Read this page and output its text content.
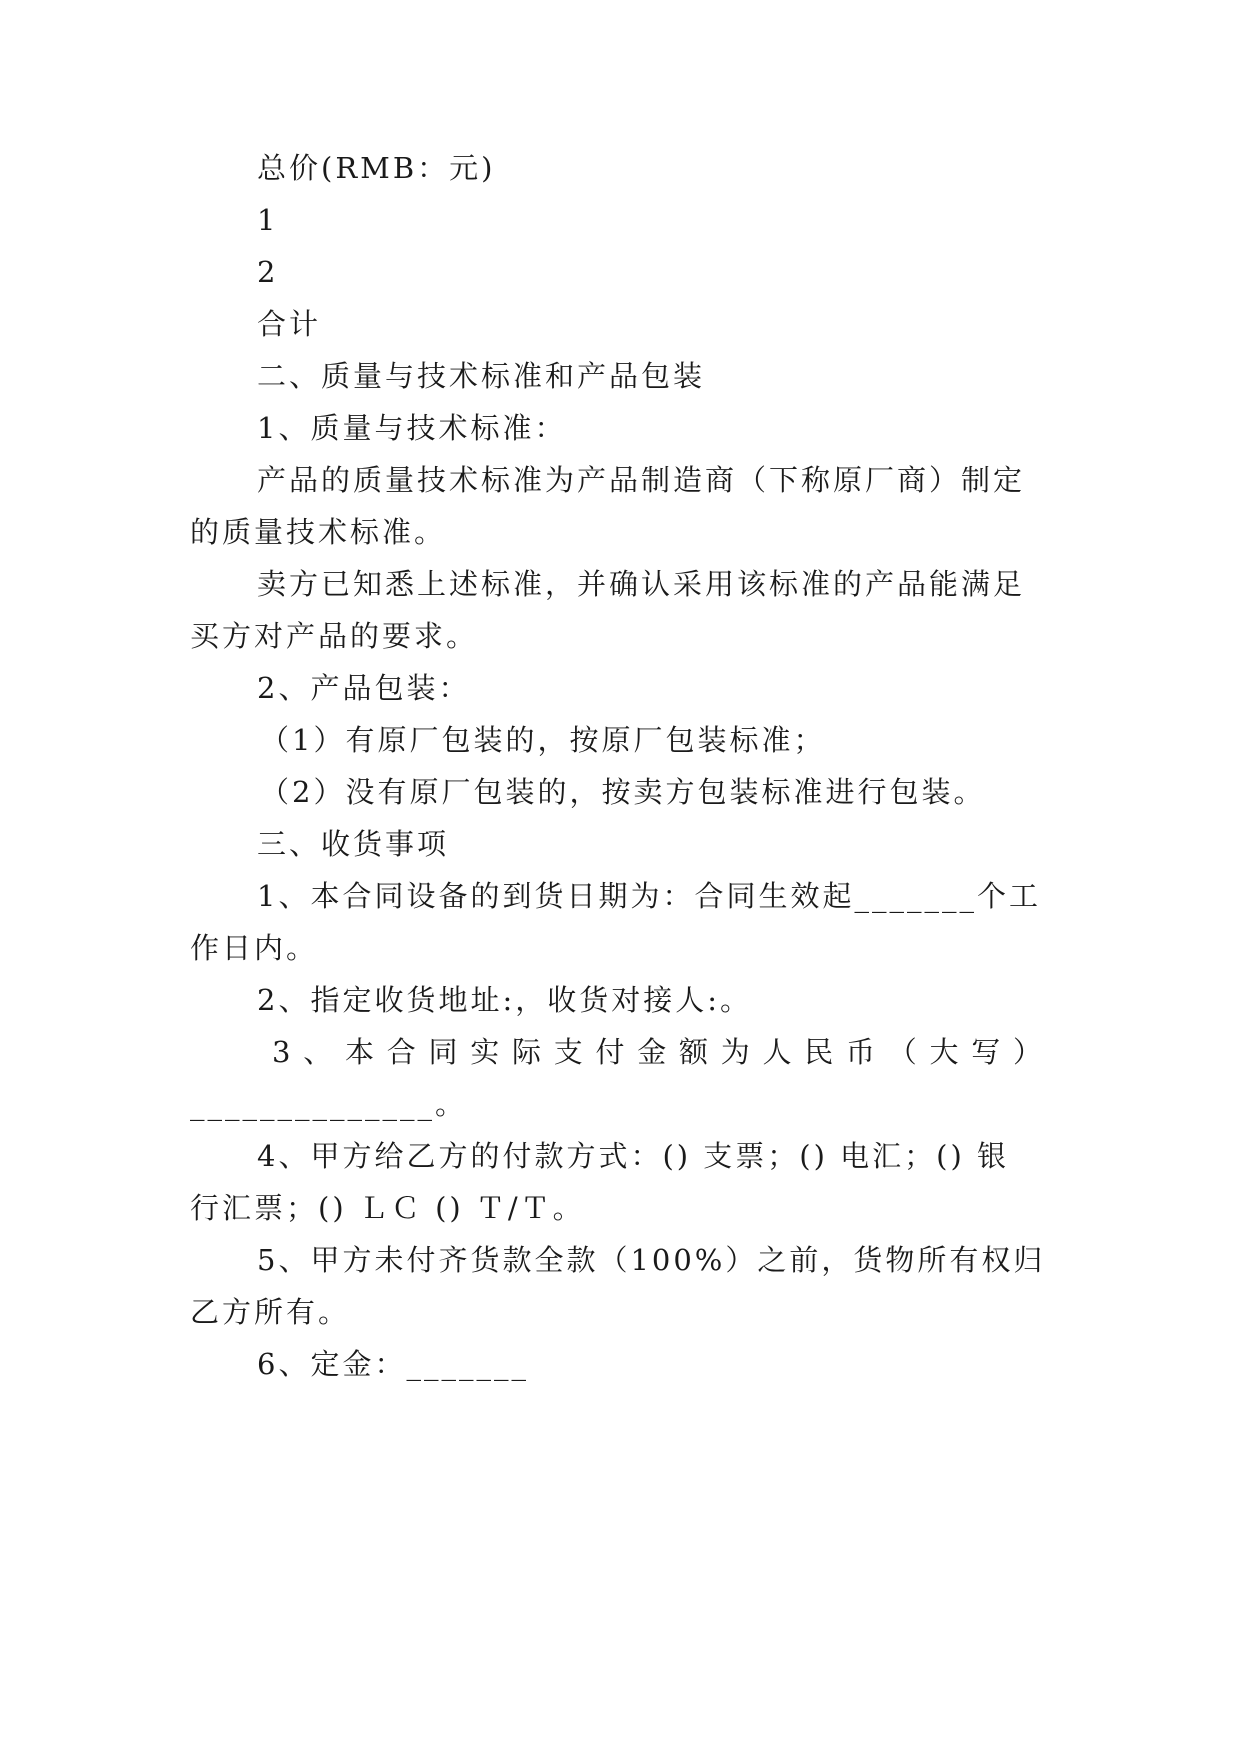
总价(RMB：元)
1
2
合计
二、质量与技术标准和产品包装
1、质量与技术标准：
产品的质量技术标准为产品制造商（下称原厂商）制定
的质量技术标准。
卖方已知悉上述标准，并确认采用该标准的产品能满足
买方对产品的要求。
2、产品包装：
（1）有原厂包装的，按原厂包装标准；
（2）没有原厂包装的，按卖方包装标准进行包装。
三、收货事项
1、本合同设备的到货日期为：合同生效起_______个工
作日内。
2、指定收货地址:，收货对接人:。
3 、 本 合 同 实 际 支 付 金 额 为 人 民 币 （ 大 写 ）
______________。
4、甲方给乙方的付款方式：() 支票；() 电汇；() 银
行汇票；() ＬＣ () Ｔ/Ｔ。
5、甲方未付齐货款全款（100%）之前，货物所有权归
乙方所有。
6、定金：_______
